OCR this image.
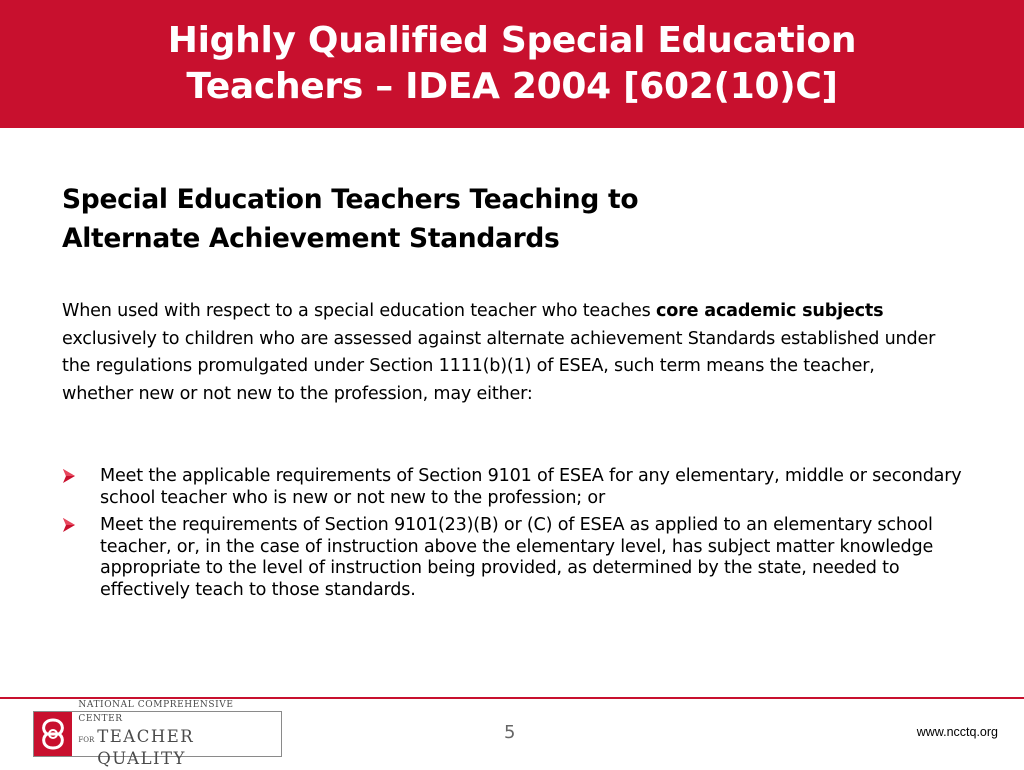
Highly Qualified Special Education
Teachers – IDEA 2004 [602(10)C]
Special Education Teachers Teaching to
Alternate Achievement Standards

When used with respect to a special education teacher who teaches core academic subjects exclusively to children who are assessed against alternate achievement Standards established under the regulations promulgated under Section 1111(b)(1) of ESEA, such term means the teacher, whether new or not new to the profession, may either:

Meet the applicable requirements of Section 9101 of ESEA for any elementary, middle or secondary school teacher who is new or not new to the profession; or
Meet the requirements of Section 9101(23)(B) or (C) of ESEA as applied to an elementary school teacher, or, in the case of instruction above the elementary level, has subject matter knowledge appropriate to the level of instruction being provided, as determined by the state, needed to effectively teach to those standards.
NATIONAL COMPREHENSIVE CENTER
FOR TEACHER QUALITY
5	www.ncctq.org
